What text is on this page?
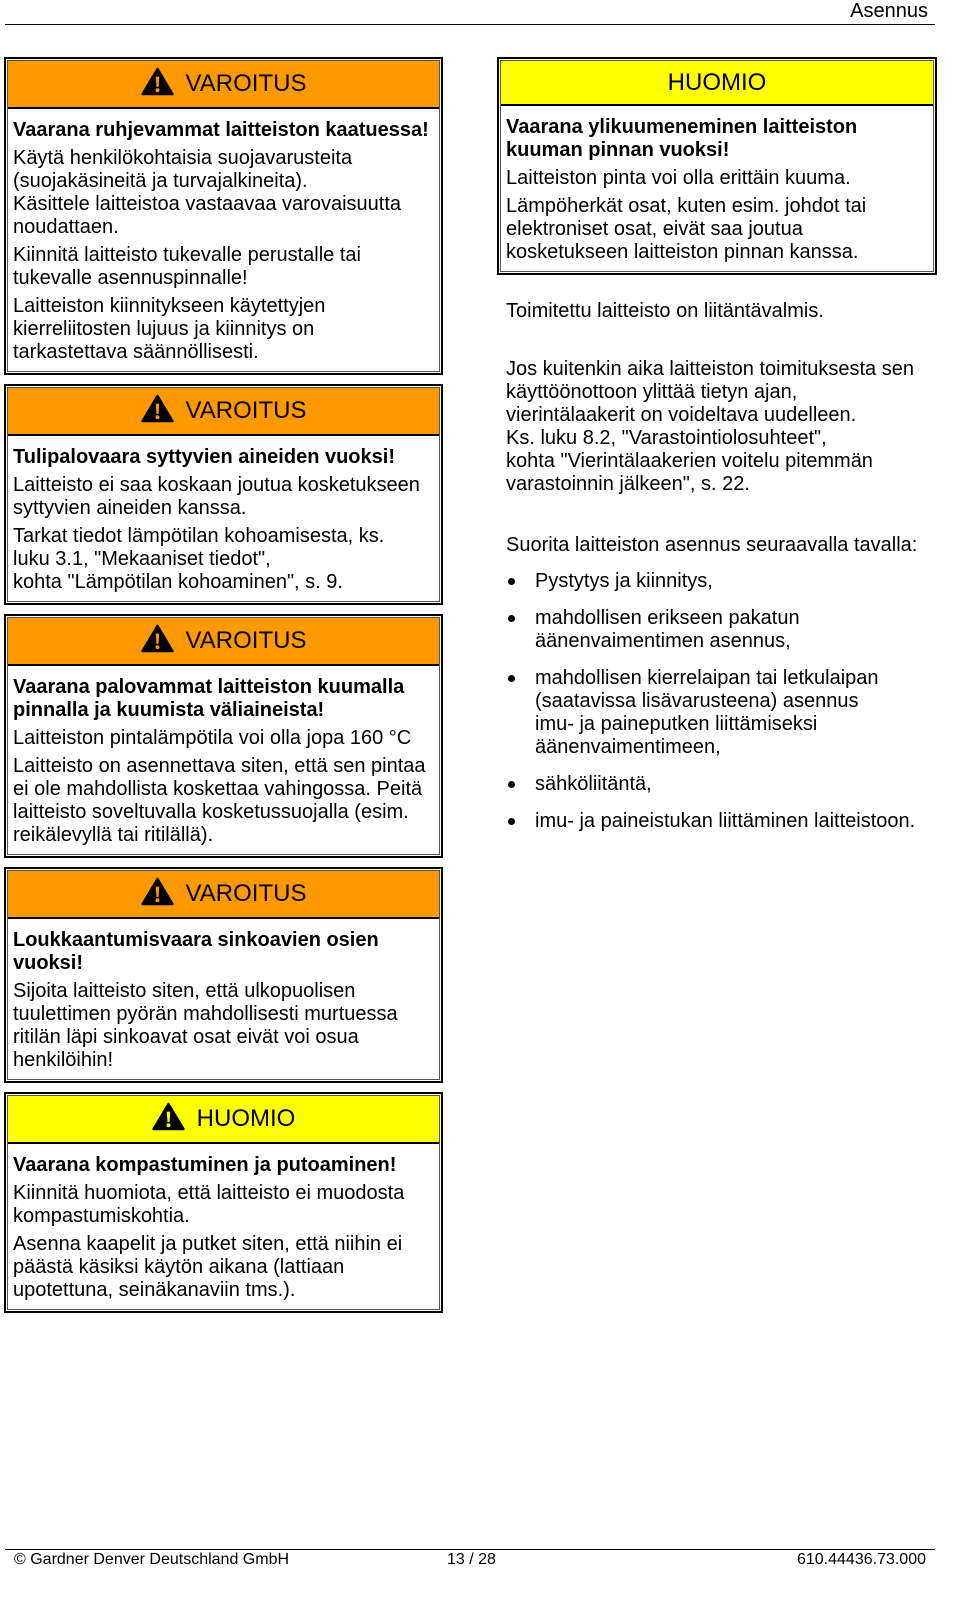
Asennus
VAROITUS

Vaarana ruhjevammat laitteiston kaatuessa!

Käytä henkilökohtaisia suojavarusteita
(suojakäsineitä ja turvajalkineita).
Käsittele laitteistoa vastaavaa varovaisuutta
noudattaen.

Kiinnitä laitteisto tukevalle perustalle tai
tukevalle asennuspinnalle!

Laitteiston kiinnitykseen käytettyjen
kierreliitosten lujuus ja kiinnitys on
tarkastettava säännöllisesti.

VAROITUS

Tulipalovaara syttyvien aineiden vuoksi!

Laitteisto ei saa koskaan joutua kosketukseen
syttyvien aineiden kanssa.

Tarkat tiedot lämpötilan kohoamisesta, ks.
luku 3.1, "Mekaaniset tiedot",
kohta "Lämpötilan kohoaminen", s. 9.

VAROITUS

Vaarana palovammat laitteiston kuumalla
pinnalla ja kuumista väliaineista!

Laitteiston pintalämpötila voi olla jopa 160 °C

Laitteisto on asennettava siten, että sen pintaa
ei ole mahdollista koskettaa vahingossa. Peitä
laitteisto soveltuvalla kosketussuojalla (esim.
reikälevyllä tai ritilällä).

VAROITUS

Loukkaantumisvaara sinkoavien osien
vuoksi!

Sijoita laitteisto siten, että ulkopuolisen
tuulettimen pyörän mahdollisesti murtuessa
ritilän läpi sinkoavat osat eivät voi osua
henkilöihin!

HUOMIO

Vaarana kompastuminen ja putoaminen!

Kiinnitä huomiota, että laitteisto ei muodosta
kompastumiskohtia.

Asenna kaapelit ja putket siten, että niihin ei
päästä käsiksi käytön aikana (lattiaan
upotettuna, seinäkanaviin tms.).

HUOMIO

Vaarana ylikuumeneminen laitteiston
kuuman pinnan vuoksi!

Laitteiston pinta voi olla erittäin kuuma.

Lämpöherkät osat, kuten esim. johdot tai
elektroniset osat, eivät saa joutua
kosketukseen laitteiston pinnan kanssa.

Toimitettu laitteisto on liitäntävalmis.

Jos kuitenkin aika laitteiston toimituksesta sen
käyttöönottoon ylittää tietyn ajan,
vierintälaakerit on voideltava uudelleen.
Ks. luku 8.2, "Varastointiolosuhteet",
kohta "Vierintälaakerien voitelu pitemmän
varastoinnin jälkeen", s. 22.

Suorita laitteiston asennus seuraavalla tavalla:

Pystytys ja kiinnitys,
mahdollisen erikseen pakatun
äänenvaimentimen asennus,
mahdollisen kierrelaipan tai letkulaipan
(saatavissa lisävarusteena) asennus
imu- ja paineputken liittämiseksi
äänenvaimentimeen,
sähköliitäntä,
imu- ja paineistukan liittäminen laitteistoon.
© Gardner Denver Deutschland GmbH	13 / 28	610.44436.73.000
